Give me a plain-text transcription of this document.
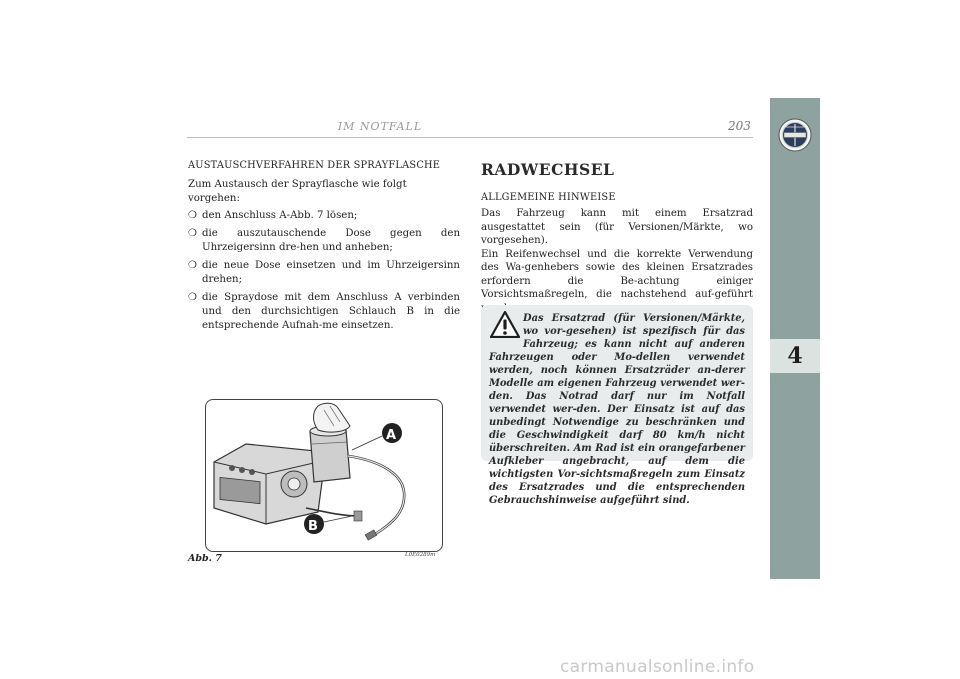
IM NOTFALL	203
4
AUSTAUSCHVERFAHREN DER SPRAYFLASCHE

Zum Austausch der Sprayflasche wie folgt vorgehen:

❍ den Anschluss A-Abb. 7 lösen;
❍ die auszutauschende Dose gegen den Uhrzeigersinn dre-hen und anheben;
❍ die neue Dose einsetzen und im Uhrzeigersinn drehen;
❍ die Spraydose mit dem Anschluss A verbinden und den durchsichtigen Schlauch B in die entsprechende Aufnah-me einsetzen.
A
B
Abb. 7	L0E0289m
RADWECHSEL
ALLGEMEINE HINWEISE

Das Fahrzeug kann mit einem Ersatzrad ausgestattet sein (für Versionen/Märkte, wo vorgesehen).
Ein Reifenwechsel und die korrekte Verwendung des Wa-genhebers sowie des kleinen Ersatzrades erfordern die Be-achtung einiger Vorsichtsmaßregeln, die nachstehend auf-geführt

Das Ersatzrad (für Versionen/Märkte, wo vor-gesehen) ist spezifisch für das Fahrzeug; es kann nicht auf anderen Fahrzeugen oder Mo-dellen verwendet werden, noch können Ersatzräder an-derer Modelle am eigenen Fahrzeug verwendet wer-den. Das Notrad darf nur im Notfall verwendet wer-den. Der Einsatz ist auf das unbedingt Notwendige zu beschränken und die Geschwindigkeit darf 80 km/h nicht überschreiten. Am Rad ist ein orangefarbener Aufkleber angebracht, auf dem die wichtigsten Vor-sichtsmaßregeln zum Einsatz des Ersatzrades und die entsprechenden Gebrauchshinweise aufgeführt sind.
carmanualsonline.info
